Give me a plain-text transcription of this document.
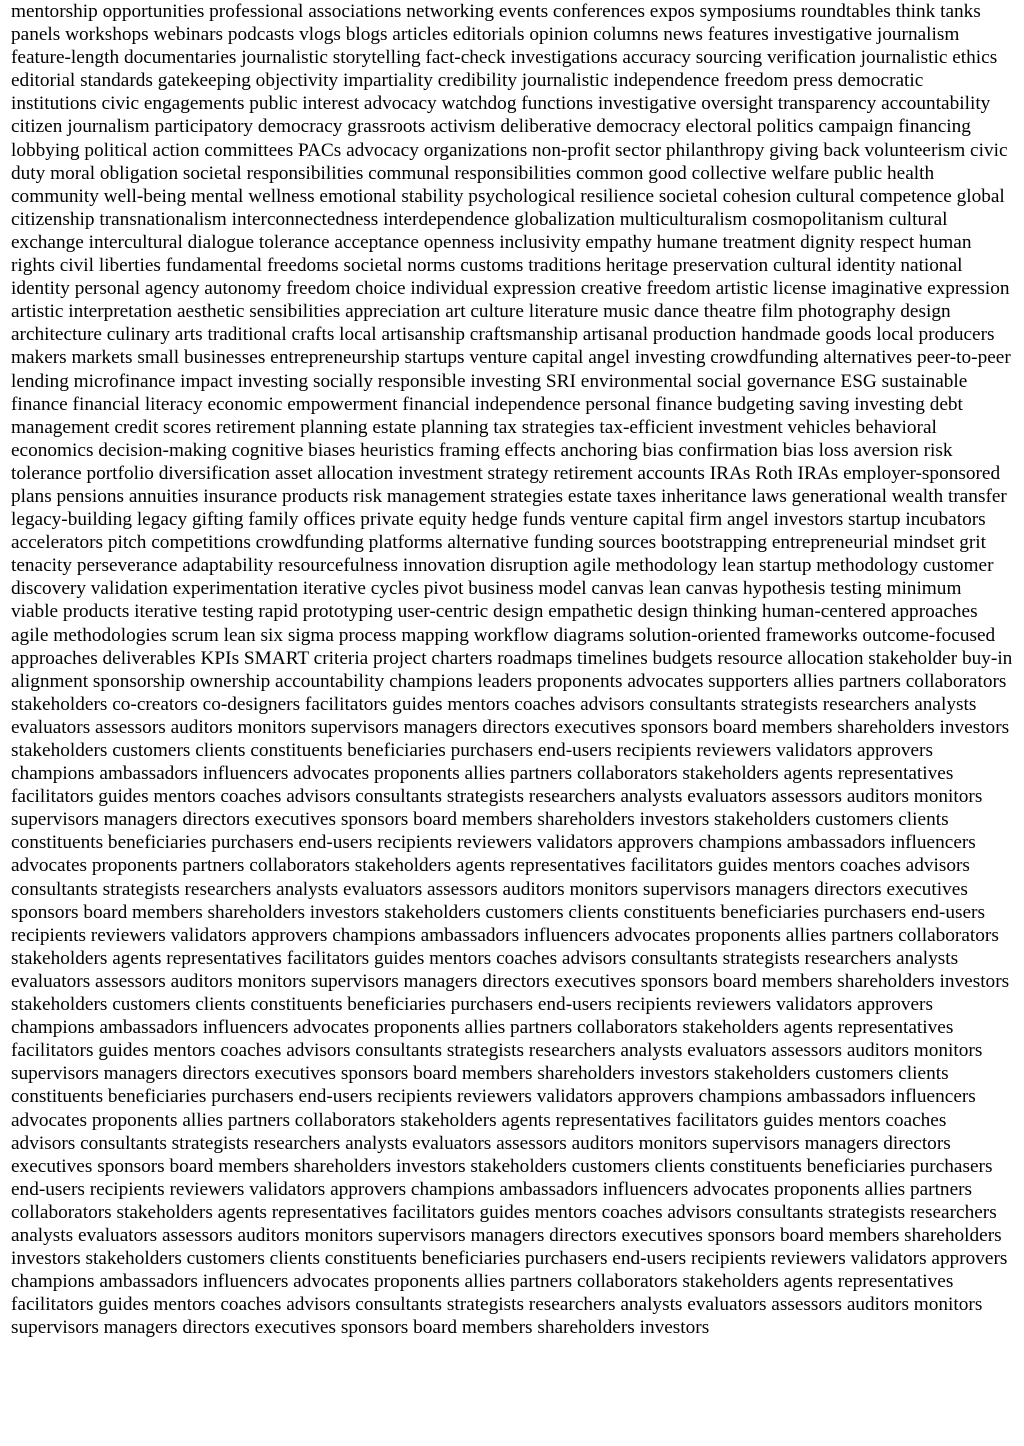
mentorship opportunities professional associations networking events conferences expos symposiums roundtables think tanks panels workshops webinars podcasts vlogs blogs articles editorials opinion columns news features investigative journalism feature-length documentaries journalistic storytelling fact-check investigations accuracy sourcing verification journalistic ethics editorial standards gatekeeping objectivity impartiality credibility journalistic independence freedom press democratic institutions civic engagements public interest advocacy watchdog functions investigative oversight transparency accountability citizen journalism participatory democracy grassroots activism deliberative democracy electoral politics campaign financing lobbying political action committees PACs advocacy organizations non-profit sector philanthropy giving back volunteerism civic duty moral obligation societal responsibilities communal responsibilities common good collective welfare public health community well-being mental wellness emotional stability psychological resilience societal cohesion cultural competence global citizenship transnationalism interconnectedness interdependence globalization multiculturalism cosmopolitanism cultural exchange intercultural dialogue tolerance acceptance openness inclusivity empathy humane treatment dignity respect human rights civil liberties fundamental freedoms societal norms customs traditions heritage preservation cultural identity national identity personal agency autonomy freedom choice individual expression creative freedom artistic license imaginative expression artistic interpretation aesthetic sensibilities appreciation art culture literature music dance theatre film photography design architecture culinary arts traditional crafts local artisanship craftsmanship artisanal production handmade goods local producers makers markets small businesses entrepreneurship startups venture capital angel investing crowdfunding alternatives peer-to-peer lending microfinance impact investing socially responsible investing SRI environmental social governance ESG sustainable finance financial literacy economic empowerment financial independence personal finance budgeting saving investing debt management credit scores retirement planning estate planning tax strategies tax-efficient investment vehicles behavioral economics decision-making cognitive biases heuristics framing effects anchoring bias confirmation bias loss aversion risk tolerance portfolio diversification asset allocation investment strategy retirement accounts IRAs Roth IRAs employer-sponsored plans pensions annuities insurance products risk management strategies estate taxes inheritance laws generational wealth transfer legacy-building legacy gifting family offices private equity hedge funds venture capital firm angel investors startup incubators accelerators pitch competitions crowdfunding platforms alternative funding sources bootstrapping entrepreneurial mindset grit tenacity perseverance adaptability resourcefulness innovation disruption agile methodology lean startup methodology customer discovery validation experimentation iterative cycles pivot business model canvas lean canvas hypothesis testing minimum viable products iterative testing rapid prototyping user-centric design empathetic design thinking human-centered approaches agile methodologies scrum lean six sigma process mapping workflow diagrams solution-oriented frameworks outcome-focused approaches deliverables KPIs SMART criteria project charters roadmaps timelines budgets resource allocation stakeholder buy-in alignment sponsorship ownership accountability champions leaders proponents advocates supporters allies partners collaborators stakeholders co-creators co-designers facilitators guides mentors coaches advisors consultants strategists researchers analysts evaluators assessors auditors monitors supervisors managers directors executives sponsors board members shareholders investors stakeholders customers clients constituents beneficiaries purchasers end-users recipients reviewers validators approvers champions ambassadors influencers advocates proponents allies partners collaborators stakeholders agents representatives facilitators guides mentors coaches advisors consultants strategists researchers analysts evaluators assessors auditors monitors supervisors managers directors executives sponsors board members shareholders investors stakeholders customers clients constituents beneficiaries purchasers end-users recipients reviewers validators approvers champions ambassadors influencers advocates proponents partners collaborators stakeholders agents representatives facilitators guides mentors coaches advisors consultants strategists researchers analysts evaluators assessors auditors monitors supervisors managers directors executives sponsors board members shareholders investors stakeholders customers clients constituents beneficiaries purchasers end-users recipients reviewers validators approvers champions ambassadors influencers advocates proponents allies partners collaborators stakeholders agents representatives facilitators guides mentors coaches advisors consultants strategists researchers analysts evaluators assessors auditors monitors supervisors managers directors executives sponsors board members shareholders investors stakeholders customers clients constituents beneficiaries purchasers end-users recipients reviewers validators approvers champions ambassadors influencers advocates proponents allies partners collaborators stakeholders agents representatives facilitators guides mentors coaches advisors consultants strategists researchers analysts evaluators assessors auditors monitors supervisors managers directors executives sponsors board members shareholders investors stakeholders customers clients constituents beneficiaries purchasers end-users recipients reviewers validators approvers champions ambassadors influencers advocates proponents allies partners collaborators stakeholders agents representatives facilitators guides mentors coaches advisors consultants strategists researchers analysts evaluators assessors auditors monitors supervisors managers directors executives sponsors board members shareholders investors stakeholders customers clients constituents beneficiaries purchasers end-users recipients reviewers validators approvers champions ambassadors influencers advocates proponents allies partners collaborators stakeholders agents representatives facilitators guides mentors coaches advisors consultants strategists researchers analysts evaluators assessors auditors monitors supervisors managers directors executives sponsors board members shareholders investors stakeholders customers clients constituents beneficiaries purchasers end-users recipients reviewers validators approvers champions ambassadors influencers advocates proponents allies partners collaborators stakeholders agents representatives facilitators guides mentors coaches advisors consultants strategists researchers analysts evaluators assessors auditors monitors supervisors managers directors executives sponsors board members shareholders investors
